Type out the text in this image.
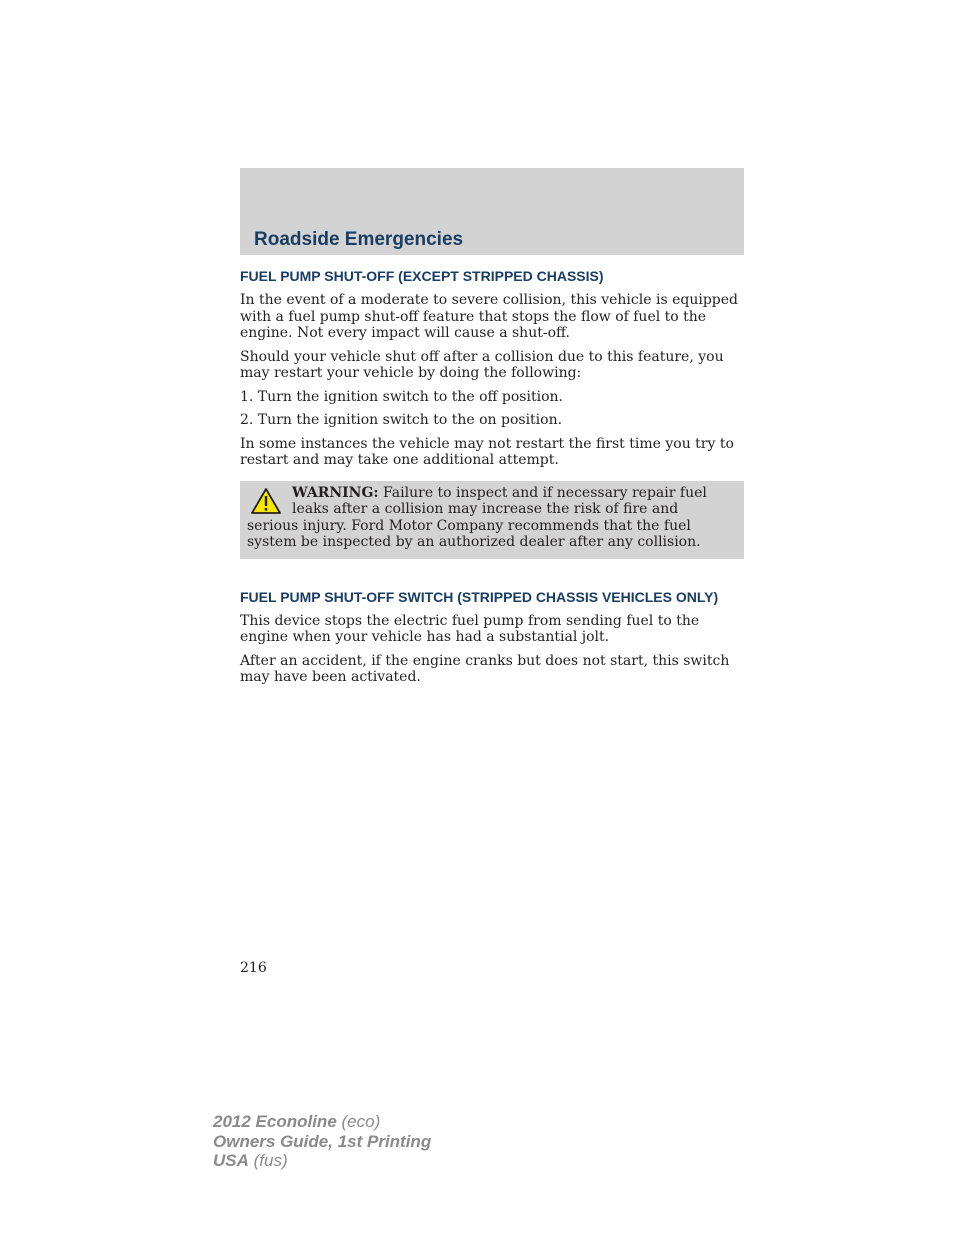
Roadside Emergencies
FUEL PUMP SHUT-OFF (EXCEPT STRIPPED CHASSIS)

In the event of a moderate to severe collision, this vehicle is equipped with a fuel pump shut-off feature that stops the flow of fuel to the engine. Not every impact will cause a shut-off.

Should your vehicle shut off after a collision due to this feature, you may restart your vehicle by doing the following:

1. Turn the ignition switch to the off position.

2. Turn the ignition switch to the on position.

In some instances the vehicle may not restart the first time you try to restart and may take one additional attempt.

WARNING: Failure to inspect and if necessary repair fuel leaks after a collision may increase the risk of fire and serious injury. Ford Motor Company recommends that the fuel system be inspected by an authorized dealer after any collision.
FUEL PUMP SHUT-OFF SWITCH (STRIPPED CHASSIS VEHICLES ONLY)

This device stops the electric fuel pump from sending fuel to the engine when your vehicle has had a substantial jolt.

After an accident, if the engine cranks but does not start, this switch may have been activated.

216
2012 Econoline (eco)
Owners Guide, 1st Printing
USA (fus)
